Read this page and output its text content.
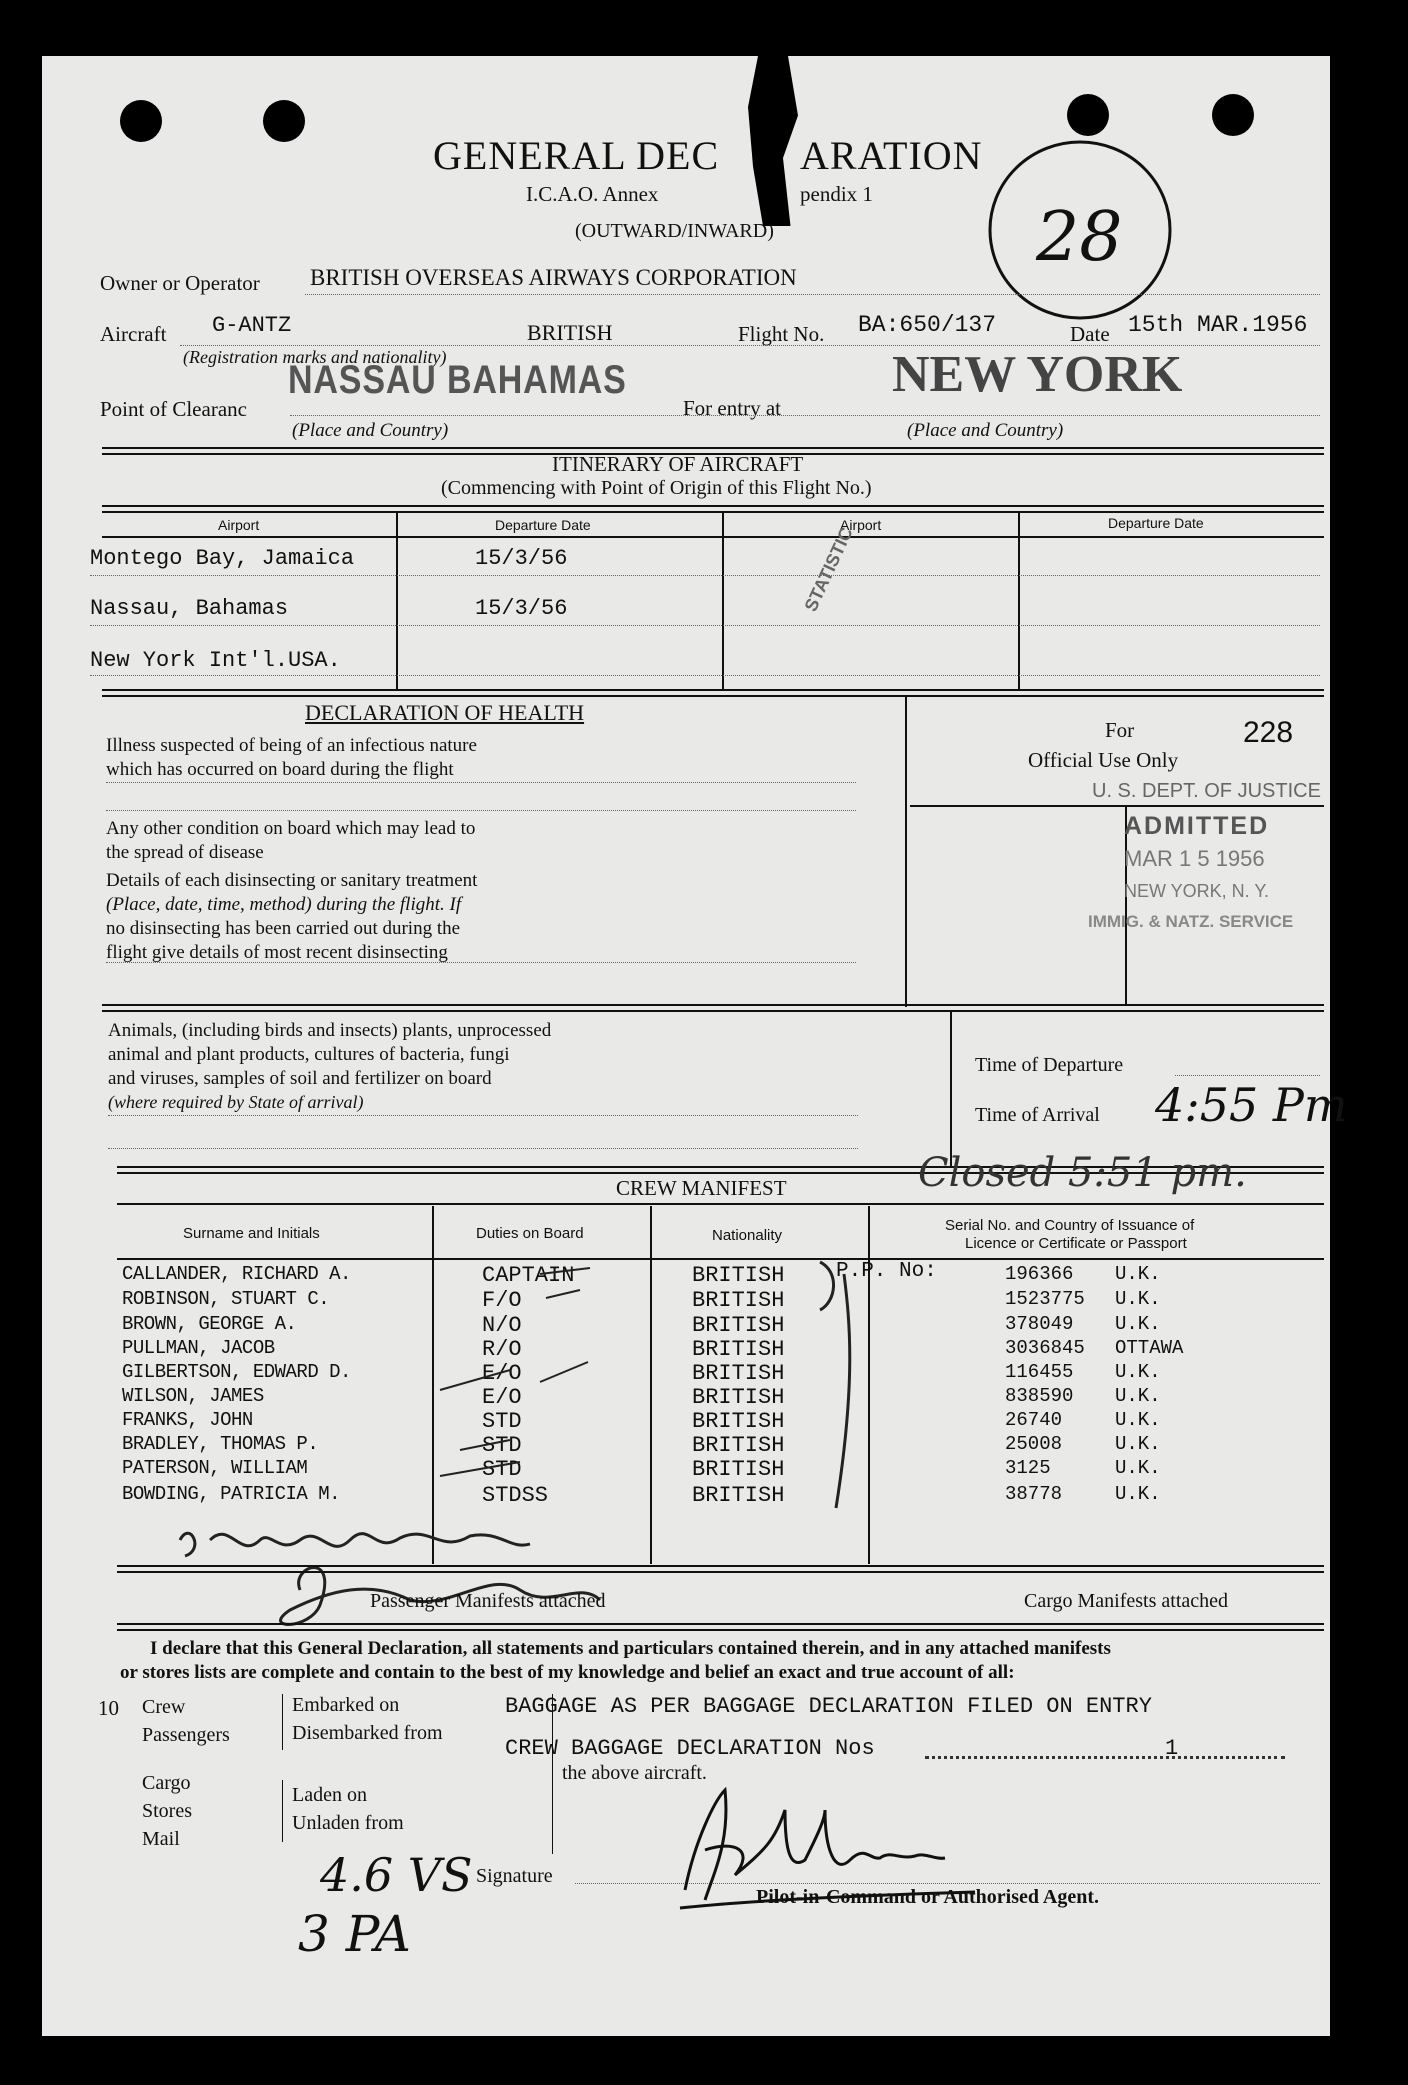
GENERAL DEC ARATION
I.C.A.O. Annex	pendix 1
(OUTWARD/INWARD)	28
Owner or Operator BRITISH OVERSEAS AIRWAYS CORPORATION
Aircraft G-ANTZ	BRITISH
(Registration marks and nationality)
Flight No. BA:650/137	Date 15th MAR.1956
Point of Clearanc
NASSAU BAHAMAS
(Place and Country)
For entry at
NEW YORK
(Place and Country)
ITINERARY OF AIRCRAFT
(Commencing with Point of Origin of this Flight No.)
Airport	Departure Date	Airport	Departure Date
Montego Bay, Jamaica	15/3/56
Nassau, Bahamas	15/3/56
New York Int'l.USA.
STATISTIC
DECLARATION OF HEALTH
Illness suspected of being of an infectious nature
which has occurred on board during the flight
Any other condition on board which may lead to
the spread of disease
Details of each disinsecting or sanitary treatment
(Place, date, time, method) during the flight. If
no disinsecting has been carried out during the
flight give details of most recent disinsecting
For
Official Use Only
228
U. S. DEPT. OF JUSTICE
ADMITTED
MAR 1 5 1956
NEW YORK, N. Y.
IMMIG. & NATZ. SERVICE
Animals, (including birds and insects) plants, unprocessed
animal and plant products, cultures of bacteria, fungi
and viruses, samples of soil and fertilizer on board
(where required by State of arrival)
Time of Departure
Time of Arrival 4:55 Pm
CREW MANIFEST	Closed 5:51 pm.
Surname and Initials	Duties on Board	Nationality
Serial No. and Country of Issuance of
Licence or Certificate or Passport
P.P. No:
CALLANDER, RICHARD A.	CAPTAIN	BRITISH	196366 U.K.
ROBINSON, STUART C.	F/O	BRITISH	1523775 U.K.
BROWN, GEORGE A.	N/O	BRITISH	378049 U.K.
PULLMAN, JACOB	R/O	BRITISH	3036845 OTTAWA
GILBERTSON, EDWARD D.	E/O	BRITISH	116455 U.K.
WILSON, JAMES	E/O	BRITISH	838590 U.K.
FRANKS, JOHN	STD	BRITISH	26740	U.K.
BRADLEY, THOMAS P.	STD	BRITISH	25008	U.K.
PATERSON, WILLIAM	STD	BRITISH	3125	U.K.
BOWDING, PATRICIA M.	STDSS	BRITISH	38778	U.K.
Passenger Manifests attached	Cargo Manifests attached
I declare that this General Declaration, all statements and particulars contained therein, and in any attached manifests
or stores lists are complete and contain to the best of my knowledge and belief an exact and true account of all:
10 Crew
Passengers
Embarked on
Disembarked from
Cargo
Stores
Mail
Laden on
Unladen from
BAGGAGE AS PER BAGGAGE DECLARATION FILED ON ENTRY
CREW BAGGAGE DECLARATION Nos	1
the above aircraft.
4.6 VS
3 PA
Signature
Pilot-in-Command or Authorised Agent.
